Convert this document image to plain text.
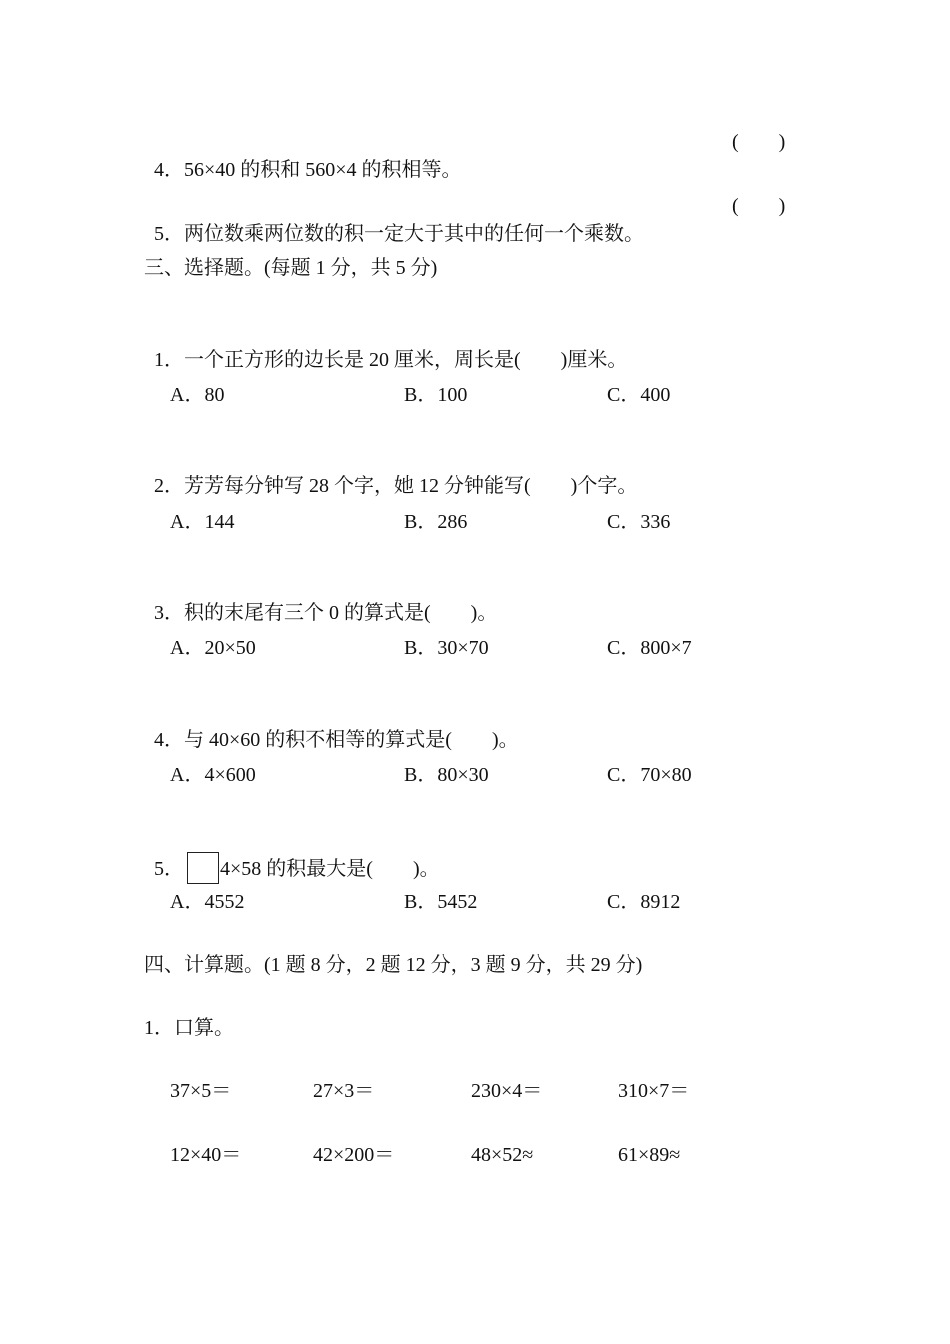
4．56×40 的积和 560×4 的积相等。

(　　)

5．两位数乘两位数的积一定大于其中的任何一个乘数。

(　　)
三、选择题。(每题 1 分，共 5 分)

1．一个正方形的边长是 20 厘米，周长是(　　)厘米。

A．80	B．100	C．400

2．芳芳每分钟写 28 个字，她 12 分钟能写(　　)个字。

A．144	B．286	C．336

3．积的末尾有三个 0 的算式是(　　)。

A．20×50	B．30×70	C．800×7

4．与 40×60 的积不相等的算式是(　　)。

A．4×600	B．80×30	C．70×80

5． 4×58 的积最大是(　　)。

A．4552	B．5452	C．8912
四、计算题。(1 题 8 分，2 题 12 分，3 题 9 分，共 29 分)
1．口算。
37×5＝	27×3＝	230×4＝	310×7＝
12×40＝	42×200＝	48×52≈	61×89≈
